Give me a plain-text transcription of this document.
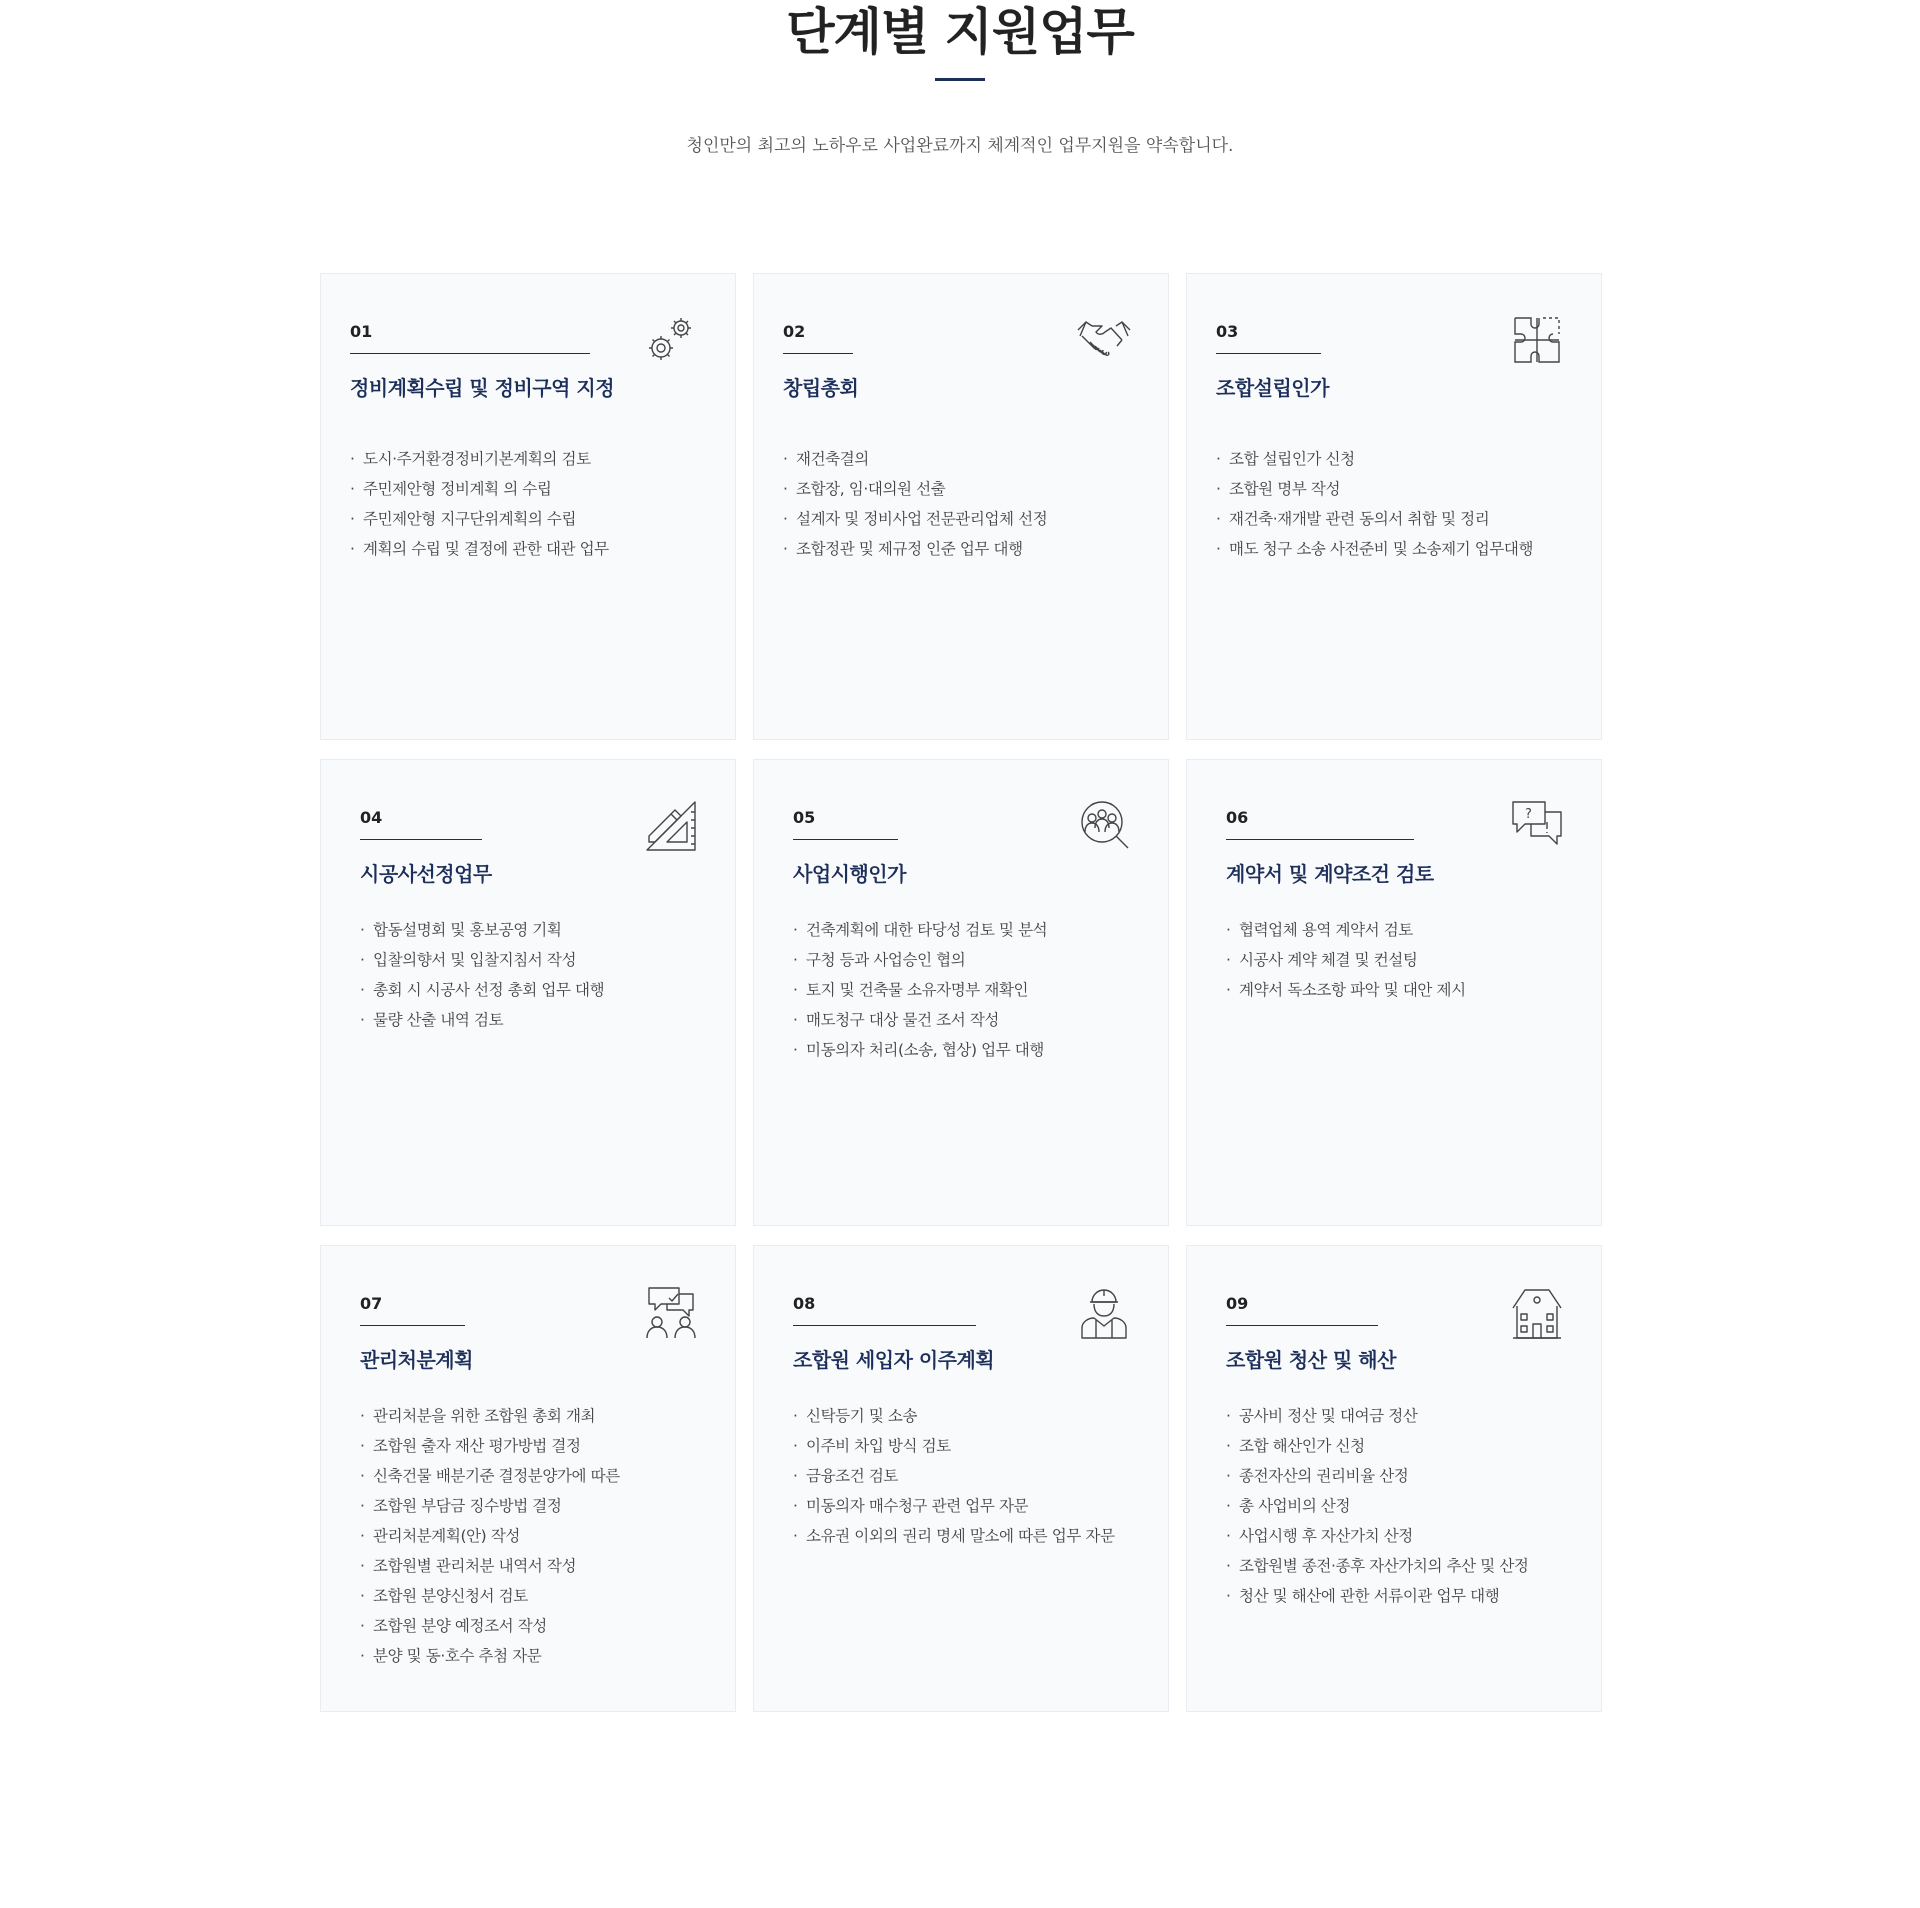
단계별 지원업무

청인만의 최고의 노하우로 사업완료까지 체계적인 업무지원을 약속합니다.

01
정비계획수립 및 정비구역 지정
· 도시·주거환경정비기본계획의 검토
· 주민제안형 정비계획 의 수립
· 주민제안형 지구단위계획의 수립
· 계획의 수립 및 결정에 관한 대관 업무
02
창립총회
· 재건축결의
· 조합장, 임·대의원 선출
· 설계자 및 정비사업 전문관리업체 선정
· 조합정관 및 제규정 인준 업무 대행
03
조합설립인가
· 조합 설립인가 신청
· 조합원 명부 작성
· 재건축·재개발 관련 동의서 취합 및 정리
· 매도 청구 소송 사전준비 및 소송제기 업무대행
04
시공사선정업무
· 합동설명회 및 홍보공영 기획
· 입찰의향서 및 입찰지침서 작성
· 총회 시 시공사 선정 총회 업무 대행
· 물량 산출 내역 검토
05
사업시행인가
· 건축계획에 대한 타당성 검토 및 분석
· 구청 등과 사업승인 협의
· 토지 및 건축물 소유자명부 재확인
· 매도청구 대상 물건 조서 작성
· 미동의자 처리(소송, 협상) 업무 대행
06
계약서 및 계약조건 검토
?
· 협력업체 용역 계약서 검토
· 시공사 계약 체결 및 컨설팅
· 계약서 독소조항 파악 및 대안 제시
07
관리처분계획
· 관리처분을 위한 조합원 총회 개최
· 조합원 출자 재산 평가방법 결정
· 신축건물 배분기준 결정분양가에 따른
· 조합원 부담금 징수방법 결정
· 관리처분계획(안) 작성
· 조합원별 관리처분 내역서 작성
· 조합원 분양신청서 검토
· 조합원 분양 예정조서 작성
· 분양 및 동·호수 추첨 자문
08
조합원 세입자 이주계획
· 신탁등기 및 소송
· 이주비 차입 방식 검토
· 금융조건 검토
· 미동의자 매수청구 관련 업무 자문
· 소유권 이외의 권리 명세 말소에 따른 업무 자문
09
조합원 청산 및 해산
· 공사비 정산 및 대여금 정산
· 조합 해산인가 신청
· 종전자산의 권리비율 산정
· 총 사업비의 산정
· 사업시행 후 자산가치 산정
· 조합원별 종전·종후 자산가치의 추산 및 산정
· 청산 및 해산에 관한 서류이관 업무 대행
